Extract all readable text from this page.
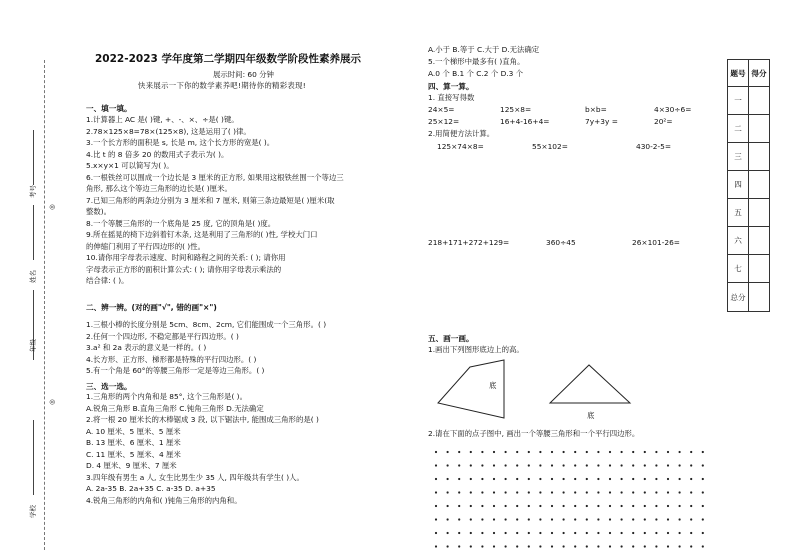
考号
姓名
年级
学校
◎
◎
2022-2023 学年度第二学期四年级数学阶段性素养展示
展示时间: 60 分钟
快来展示一下你的数学素养吧!期待你的精彩表现!
一、填一填。
1.计算器上 AC 是( )键, +、-、×、÷是( )键。
2.78×125×8=78×(125×8), 这是运用了( )律。
3.一个长方形的面积是 s, 长是 m, 这个长方形的宽是( )。
4.比 t 的 8 倍多 20 的数用式子表示为( )。
5.x×y×1 可以简写为( )。
6.一根铁丝可以围成一个边长是 3 厘米的正方形, 如果用这根铁丝围一个等边三
角形, 那么这个等边三角形的边长是( )厘米。
7.已知三角形的两条边分别为 3 厘米和 7 厘米, 则第三条边最短是( )厘米(取
整数)。
8.一个等腰三角形的一个底角是 25 度, 它的顶角是( )度。
9.所在摇晃的椅下边斜着钉木条, 这是利用了三角形的( )性, 学校大门口
的伸缩门利用了平行四边形的( )性。
10.请你用字母表示速度、时间和路程之间的关系: ( ); 请你用
字母表示正方形的面积计算公式: ( ); 请你用字母表示乘法的
结合律: ( )。
二、辨一辨。(对的画"√", 错的画"×")
1.三根小棒的长度分别是 5cm、8cm、2cm, 它们能围成一个三角形。( )
2.任何一个四边形, 不稳定都是平行四边形。( )
3.a² 和 2a 表示的意义是一样的。( )
4.长方形、正方形、梯形都是特殊的平行四边形。( )
5.有一个角是 60°的等腰三角形一定是等边三角形。( )
三、选一选。
1.三角形的两个内角和是 85°, 这个三角形是( )。
A.锐角三角形 B.直角三角形 C.钝角三角形 D.无法确定
2.将一根 20 厘米长的木棒锯成 3 段, 以下锯法中, 能围成三角形的是( )
A. 10 厘米、5 厘米、5 厘米
B. 13 厘米、6 厘米、1 厘米
C. 11 厘米、5 厘米、4 厘米
D. 4 厘米、9 厘米、7 厘米
3.四年级有男生 a 人, 女生比男生少 35 人, 四年级共有学生( )人。
A. 2a-35 B. 2a+35 C. a-35 D. a+35
4.锐角三角形的内角和( )钝角三角形的内角和。
A.小于 B.等于 C.大于 D.无法确定
5.一个梯形中最多有( )直角。
A.0 个 B.1 个 C.2 个 D.3 个
四、算一算。
1. 直接写得数
24×5=	125×8=	b×b=	4×30÷6=
25×12=	16+4-16+4=	7y+3y =	20²=
2.用简便方法计算。
125×74×8=	55×102=	430-2-5=
218+171+272+129=	360÷45	26×101-26=
五、画一画。
1.画出下列图形底边上的高。
底
底
2.请在下面的点子图中, 画出一个等腰三角形和一个平行四边形。
题号	得分
一	
二	
三	
四	
五	
六	
七	
总分	
